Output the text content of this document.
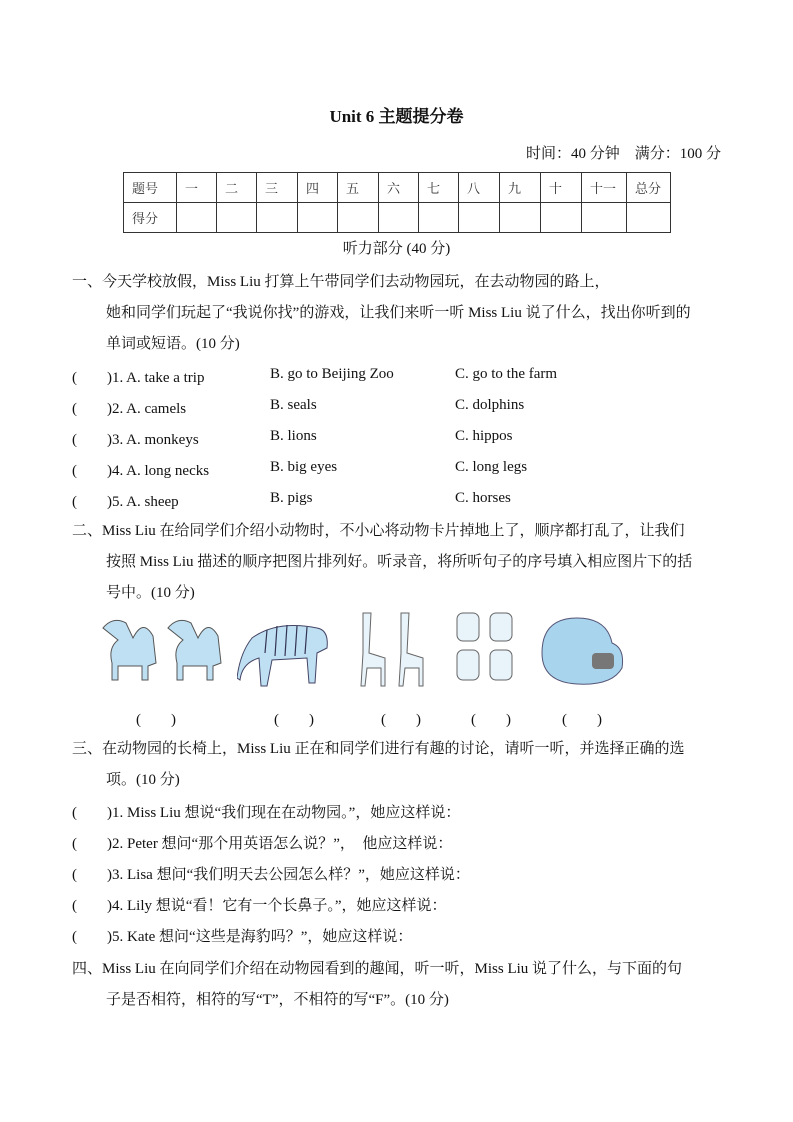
Unit 6 主题提分卷
时间：40 分钟　满分：100 分
题号	一	二	三	四	五	六	七	八	九	十	十一	总分
得分												
听力部分 (40 分)
一、今天学校放假，Miss Liu 打算上午带同学们去动物园玩，在去动物园的路上，
她和同学们玩起了“我说你找”的游戏，让我们来听一听 Miss Liu 说了什么，找出你听到的
单词或短语。(10 分)
(　　)1. A. take a trip	B. go to Beijing Zoo	C. go to the farm
(　　)2. A. camels	B. seals	C. dolphins
(　　)3. A. monkeys	B. lions	C. hippos
(　　)4. A. long necks	B. big eyes	C. long legs
(　　)5. A. sheep	B. pigs	C. horses
二、Miss Liu 在给同学们介绍小动物时，不小心将动物卡片掉地上了，顺序都打乱了，让我们
按照 Miss Liu 描述的顺序把图片排列好。听录音，将所听句子的序号填入相应图片下的括
号中。(10 分)
(　　)	(　　)	(　　)	(　　)	(　　)
三、在动物园的长椅上，Miss Liu 正在和同学们进行有趣的讨论，请听一听，并选择正确的选
项。(10 分)
(　　)1. Miss Liu 想说“我们现在在动物园。”，她应这样说：
(　　)2. Peter 想问“那个用英语怎么说？”，　他应这样说：
(　　)3. Lisa 想问“我们明天去公园怎么样？”，她应这样说：
(　　)4. Lily 想说“看！它有一个长鼻子。”，她应这样说：
(　　)5. Kate 想问“这些是海豹吗？”，她应这样说：
四、Miss Liu 在向同学们介绍在动物园看到的趣闻，听一听，Miss Liu 说了什么，与下面的句
子是否相符，相符的写“T”，不相符的写“F”。(10 分)
